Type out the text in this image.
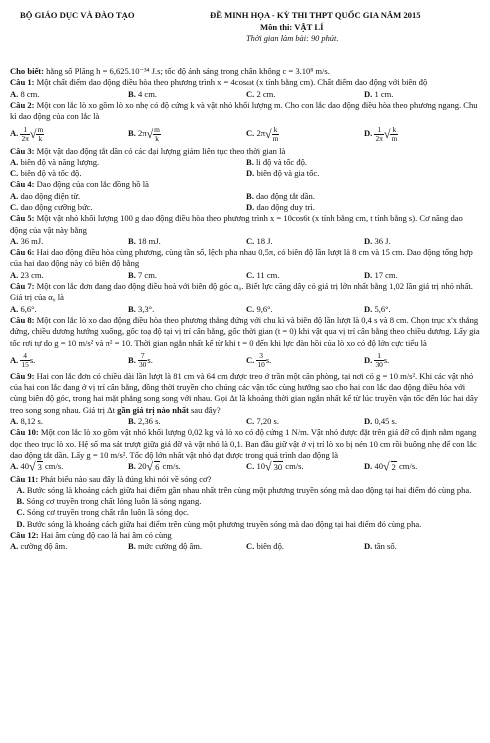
BỘ GIÁO DỤC VÀ ĐÀO TẠO	ĐỀ MINH HỌA - KỲ THI THPT QUỐC GIA NĂM 2015
Môn thi: VẬT LÍ
Thời gian làm bài: 90 phút.

Cho biết: hằng số Plăng h = 6,625.10⁻³⁴ J.s; tốc độ ánh sáng trong chân không c = 3.10⁸ m/s.

Câu 1: Một chất điểm dao động điều hòa theo phương trình x = 4cosωt (x tính bằng cm). Chất điểm dao động với biên độ

A. 8 cm.	B. 4 cm.	C. 2 cm.	D. 1 cm.

Câu 2: Một con lắc lò xo gồm lò xo nhẹ có độ cứng k và vật nhỏ khối lượng m. Cho con lắc dao động điều hòa theo phương ngang. Chu kì dao động của con lắc là

A. $\frac{1}{2\pi}$ √ $\frac{m}{k}$	B. $2\pi√ \frac{m}{k}$	C. $2\pi√ \frac{k}{m}$	D. $\frac{1}{2\pi}$ √ $\frac{k}{m}$

Câu 3: Một vật dao động tắt dần có các đại lượng giảm liên tục theo thời gian là

A. biên độ và năng lượng.	B. li độ và tốc độ.
C. biên độ và tốc độ.	D. biên độ và gia tốc.

Câu 4: Dao động của con lắc đồng hồ là

A. dao động điện từ.	B. dao động tắt dần.
C. dao động cưỡng bức.	D. dao động duy trì.

Câu 5: Một vật nhỏ khối lượng 100 g dao động điều hòa theo phương trình x = 10cos6t (x tính bằng cm, t tính bằng s). Cơ năng dao động của vật này bằng

A. 36 mJ.	B. 18 mJ.	C. 18 J.	D. 36 J.

Câu 6: Hai dao động điều hòa cùng phương, cùng tần số, lệch pha nhau 0,5π, có biên độ lần lượt là 8 cm và 15 cm. Dao động tổng hợp của hai dao động này có biên độ bằng

A. 23 cm.	B. 7 cm.	C. 11 cm.	D. 17 cm.

Câu 7: Một con lắc đơn đang dao động điều hoà với biên độ góc α₀. Biết lực căng dây có giá trị lớn nhất bằng 1,02 lần giá trị nhỏ nhất. Giá trị của α₀ là

A. 6,6°.	B. 3,3°.	C. 9,6°.	D. 5,6°.

Câu 8: Một con lắc lò xo dao động điều hòa theo phương thẳng đứng với chu kì và biên độ lần lượt là 0,4 s và 8 cm. Chọn trục x'x thẳng đứng, chiều dương hướng xuống, gốc toạ độ tại vị trí cân bằng, gốc thời gian (t = 0) khi vật qua vị trí cân bằng theo chiều dương. Lấy gia tốc rơi tự do g = 10 m/s² và π² = 10. Thời gian ngắn nhất kể từ khi t = 0 đến khi lực đàn hồi của lò xo có độ lớn cực tiểu là

A. $\frac{4}{15} s$.	B. $\frac{7}{30} s$.	C. $\frac{3}{10} s$.	D. $\frac{1}{30} s$.

Câu 9: Hai con lắc đơn có chiều dài lần lượt là 81 cm và 64 cm được treo ở trần một căn phòng, tại nơi có g = 10 m/s². Khi các vật nhỏ của hai con lắc đang ở vị trí cân bằng, đồng thời truyền cho chúng các vận tốc cùng hướng sao cho hai con lắc dao động điều hòa với cùng biên độ góc, trong hai mặt phẳng song song với nhau. Gọi Δt là khoảng thời gian ngắn nhất kể từ lúc truyền vận tốc đến lúc hai dây treo song song nhau. Giá trị Δt gần giá trị nào nhất sau đây?

A. 8,12 s.	B. 2,36 s.	C. 7,20 s.	D. 0,45 s.

Câu 10: Một con lắc lò xo gồm vật nhỏ khối lượng 0,02 kg và lò xo có độ cứng 1 N/m. Vật nhỏ được đặt trên giá đỡ cố định nằm ngang dọc theo trục lò xo. Hệ số ma sát trượt giữa giá đỡ và vật nhỏ là 0,1. Ban đầu giữ vật ở vị trí lò xo bị nén 10 cm rồi buông nhẹ để con lắc dao động tắt dần. Lấy g = 10 m/s². Tốc độ lớn nhất vật nhỏ đạt được trong quá trình dao động là

A. 40√ 3 cm/s.	B. 20√ 6 cm/s.	C. 10√ 30 cm/s.	D. 40√ 2 cm/s.

Câu 11: Phát biểu nào sau đây là đúng khi nói về sóng cơ?

A. Bước sóng là khoảng cách giữa hai điểm gần nhau nhất trên cùng một phương truyền sóng mà dao động tại hai điểm đó cùng pha.

B. Sóng cơ truyền trong chất lỏng luôn là sóng ngang.

C. Sóng cơ truyền trong chất rắn luôn là sóng dọc.

D. Bước sóng là khoảng cách giữa hai điểm trên cùng một phương truyền sóng mà dao động tại hai điểm đó cùng pha.

Câu 12: Hai âm cùng độ cao là hai âm có cùng

A. cường độ âm.	B. mức cường độ âm.	C. biên độ.	D. tần số.
